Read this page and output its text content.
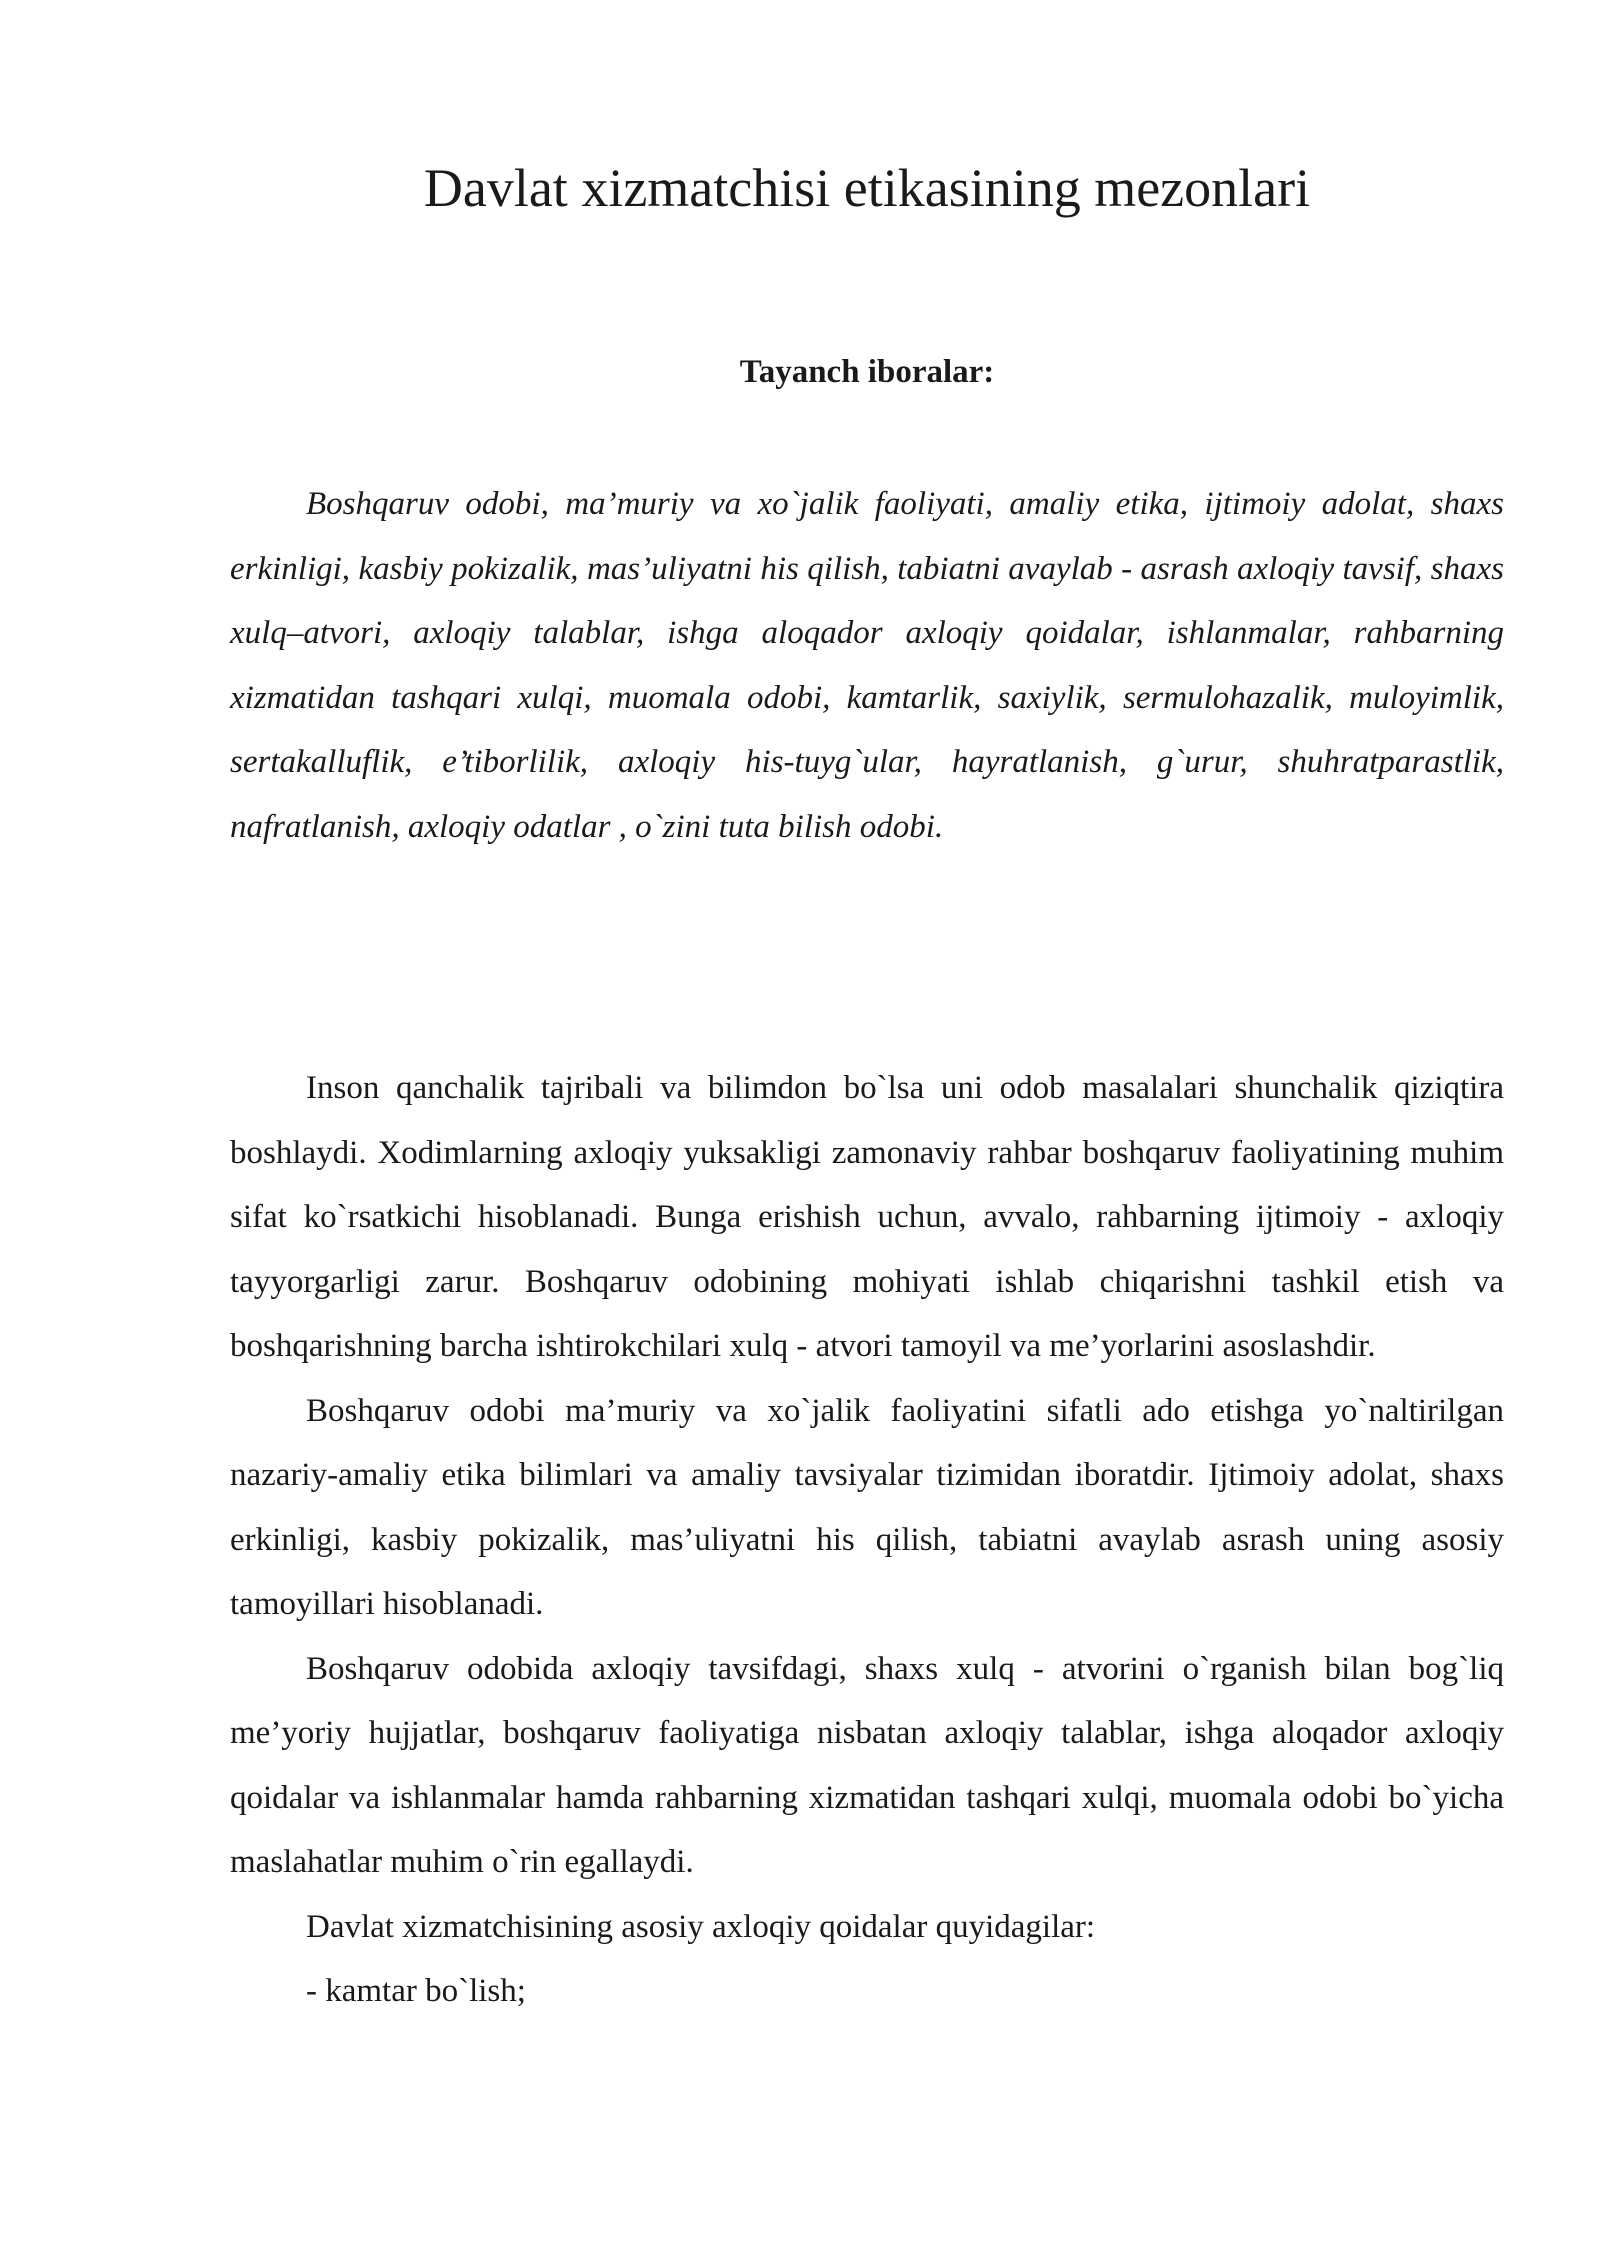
Davlat xizmatchisi etikasining mezonlari
Tayanch iboralar:

Boshqaruv odobi, ma’muriy va xo`jalik faoliyati, amaliy etika, ijtimoiy adolat, shaxs erkinligi, kasbiy pokizalik, mas’uliyatni his qilish, tabiatni avaylab - asrash axloqiy tavsif, shaxs xulq–atvori, axloqiy talablar, ishga aloqador axloqiy qoidalar, ishlanmalar, rahbarning xizmatidan tashqari xulqi, muomala odobi, kamtarlik, saxiylik, sermulohazalik, muloyimlik, sertakalluflik, e’tiborlilik, axloqiy his-tuyg`ular, hayratlanish, g`urur, shuhratparastlik, nafratlanish, axloqiy odatlar , o`zini tuta bilish odobi.

Inson qanchalik tajribali va bilimdon bo`lsa uni odob masalalari shunchalik qiziqtira boshlaydi. Xodimlarning axloqiy yuksakligi zamonaviy rahbar boshqaruv faoliyatining muhim sifat ko`rsatkichi hisoblanadi. Bunga erishish uchun, avvalo, rahbarning ijtimoiy - axloqiy tayyorgarligi zarur. Boshqaruv odobining mohiyati ishlab chiqarishni tashkil etish va boshqarishning barcha ishtirokchilari xulq - atvori tamoyil va me’yorlarini asoslashdir.

Boshqaruv odobi ma’muriy va xo`jalik faoliyatini sifatli ado etishga yo`naltirilgan nazariy-amaliy etika bilimlari va amaliy tavsiyalar tizimidan iboratdir. Ijtimoiy adolat, shaxs erkinligi, kasbiy pokizalik, mas’uliyatni his qilish, tabiatni avaylab asrash uning asosiy tamoyillari hisoblanadi.

Boshqaruv odobida axloqiy tavsifdagi, shaxs xulq - atvorini o`rganish bilan bog`liq me’yoriy hujjatlar, boshqaruv faoliyatiga nisbatan axloqiy talablar, ishga aloqador axloqiy qoidalar va ishlanmalar hamda rahbarning xizmatidan tashqari xulqi, muomala odobi bo`yicha maslahatlar muhim o`rin egallaydi.

Davlat xizmatchisining asosiy axloqiy qoidalar quyidagilar:

- kamtar bo`lish;
